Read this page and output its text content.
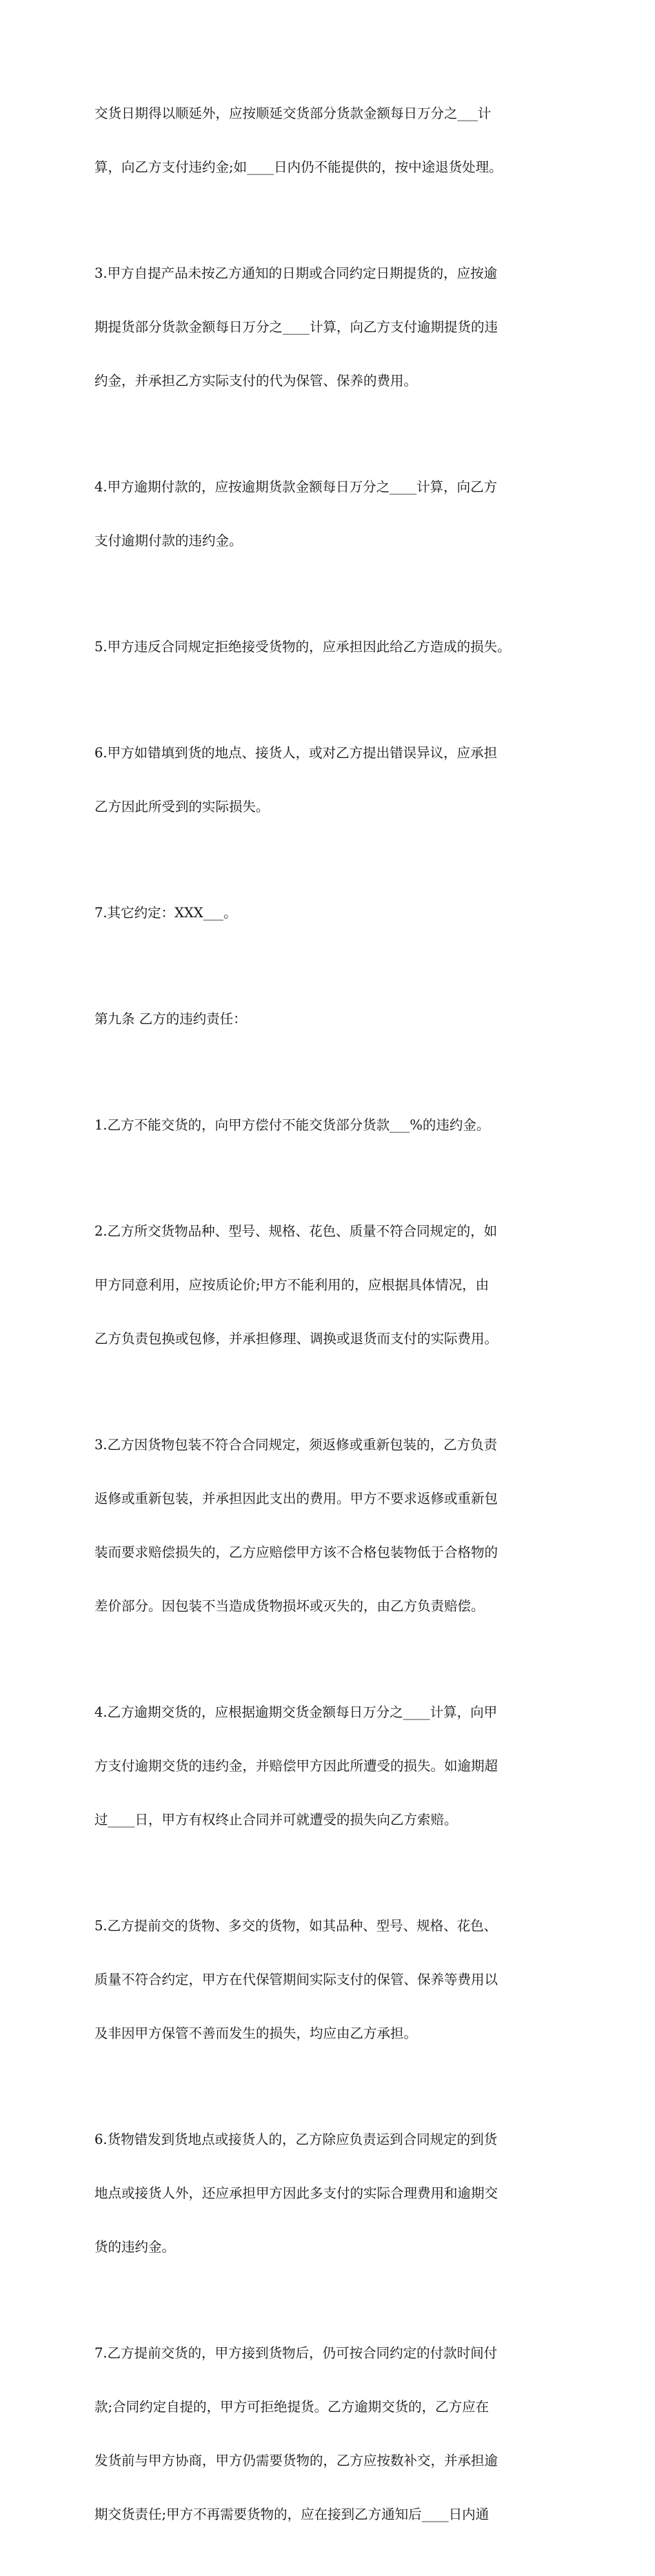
交货日期得以顺延外，应按顺延交货部分货款金额每日万分之___计

算，向乙方支付违约金;如____日内仍不能提供的，按中途退货处理。

3.甲方自提产品未按乙方通知的日期或合同约定日期提货的，应按逾

期提货部分货款金额每日万分之____计算，向乙方支付逾期提货的违

约金，并承担乙方实际支付的代为保管、保养的费用。

4.甲方逾期付款的，应按逾期货款金额每日万分之____计算，向乙方

支付逾期付款的违约金。

5.甲方违反合同规定拒绝接受货物的，应承担因此给乙方造成的损失。

6.甲方如错填到货的地点、接货人，或对乙方提出错误异议，应承担

乙方因此所受到的实际损失。

7.其它约定：XXX___。

第九条 乙方的违约责任：

1.乙方不能交货的，向甲方偿付不能交货部分货款___%的违约金。

2.乙方所交货物品种、型号、规格、花色、质量不符合同规定的，如

甲方同意利用，应按质论价;甲方不能利用的，应根据具体情况，由

乙方负责包换或包修，并承担修理、调换或退货而支付的实际费用。

3.乙方因货物包装不符合合同规定，须返修或重新包装的，乙方负责

返修或重新包装，并承担因此支出的费用。甲方不要求返修或重新包

装而要求赔偿损失的，乙方应赔偿甲方该不合格包装物低于合格物的

差价部分。因包装不当造成货物损坏或灭失的，由乙方负责赔偿。

4.乙方逾期交货的，应根据逾期交货金额每日万分之____计算，向甲

方支付逾期交货的违约金，并赔偿甲方因此所遭受的损失。如逾期超

过____日，甲方有权终止合同并可就遭受的损失向乙方索赔。

5.乙方提前交的货物、多交的货物，如其品种、型号、规格、花色、

质量不符合约定，甲方在代保管期间实际支付的保管、保养等费用以

及非因甲方保管不善而发生的损失，均应由乙方承担。

6.货物错发到货地点或接货人的，乙方除应负责运到合同规定的到货

地点或接货人外，还应承担甲方因此多支付的实际合理费用和逾期交

货的违约金。

7.乙方提前交货的，甲方接到货物后，仍可按合同约定的付款时间付

款;合同约定自提的，甲方可拒绝提货。乙方逾期交货的，乙方应在

发货前与甲方协商，甲方仍需要货物的，乙方应按数补交，并承担逾

期交货责任;甲方不再需要货物的，应在接到乙方通知后____日内通
